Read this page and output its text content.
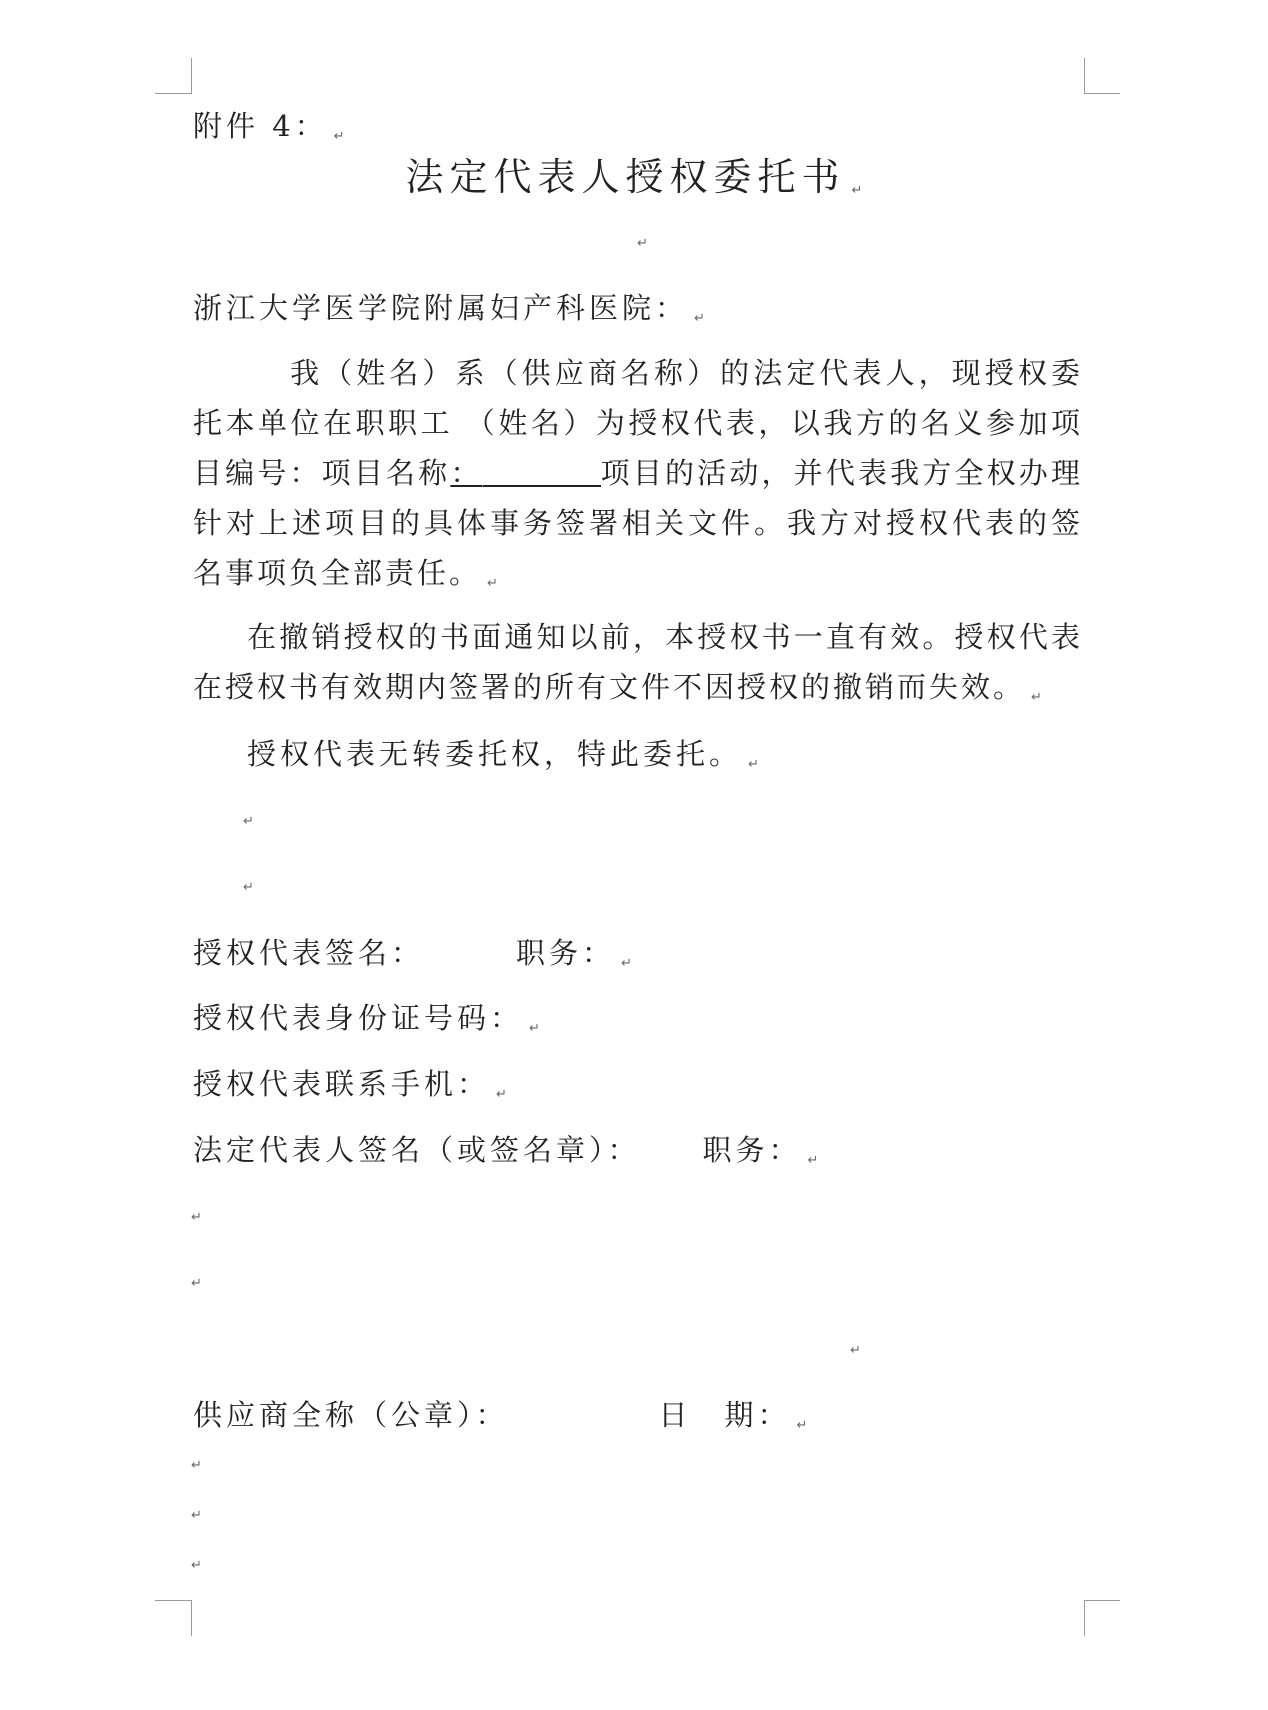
附件 4： ↵
法定代表人授权委托书 ↵
↵
浙江大学医学院附属妇产科医院： ↵
我（姓名）系（供应商名称）的法定代表人，现授权委托本单位在职职工 （姓名）为授权代表，以我方的名义参加项目编号：项目名称：	项目的活动，并代表我方全权办理针对上述项目的具体事务签署相关文件。我方对授权代表的签名事项负全部责任。 ↵
在撤销授权的书面通知以前，本授权书一直有效。授权代表在授权书有效期内签署的所有文件不因授权的撤销而失效。 ↵
授权代表无转委托权，特此委托。 ↵
↵
↵
授权代表签名：	职务： ↵
授权代表身份证号码： ↵
授权代表联系手机： ↵
法定代表人签名（或签名章）： 职务： ↵
↵
↵
↵
供应商全称（公章）：	日　期： ↵
↵
↵
↵
